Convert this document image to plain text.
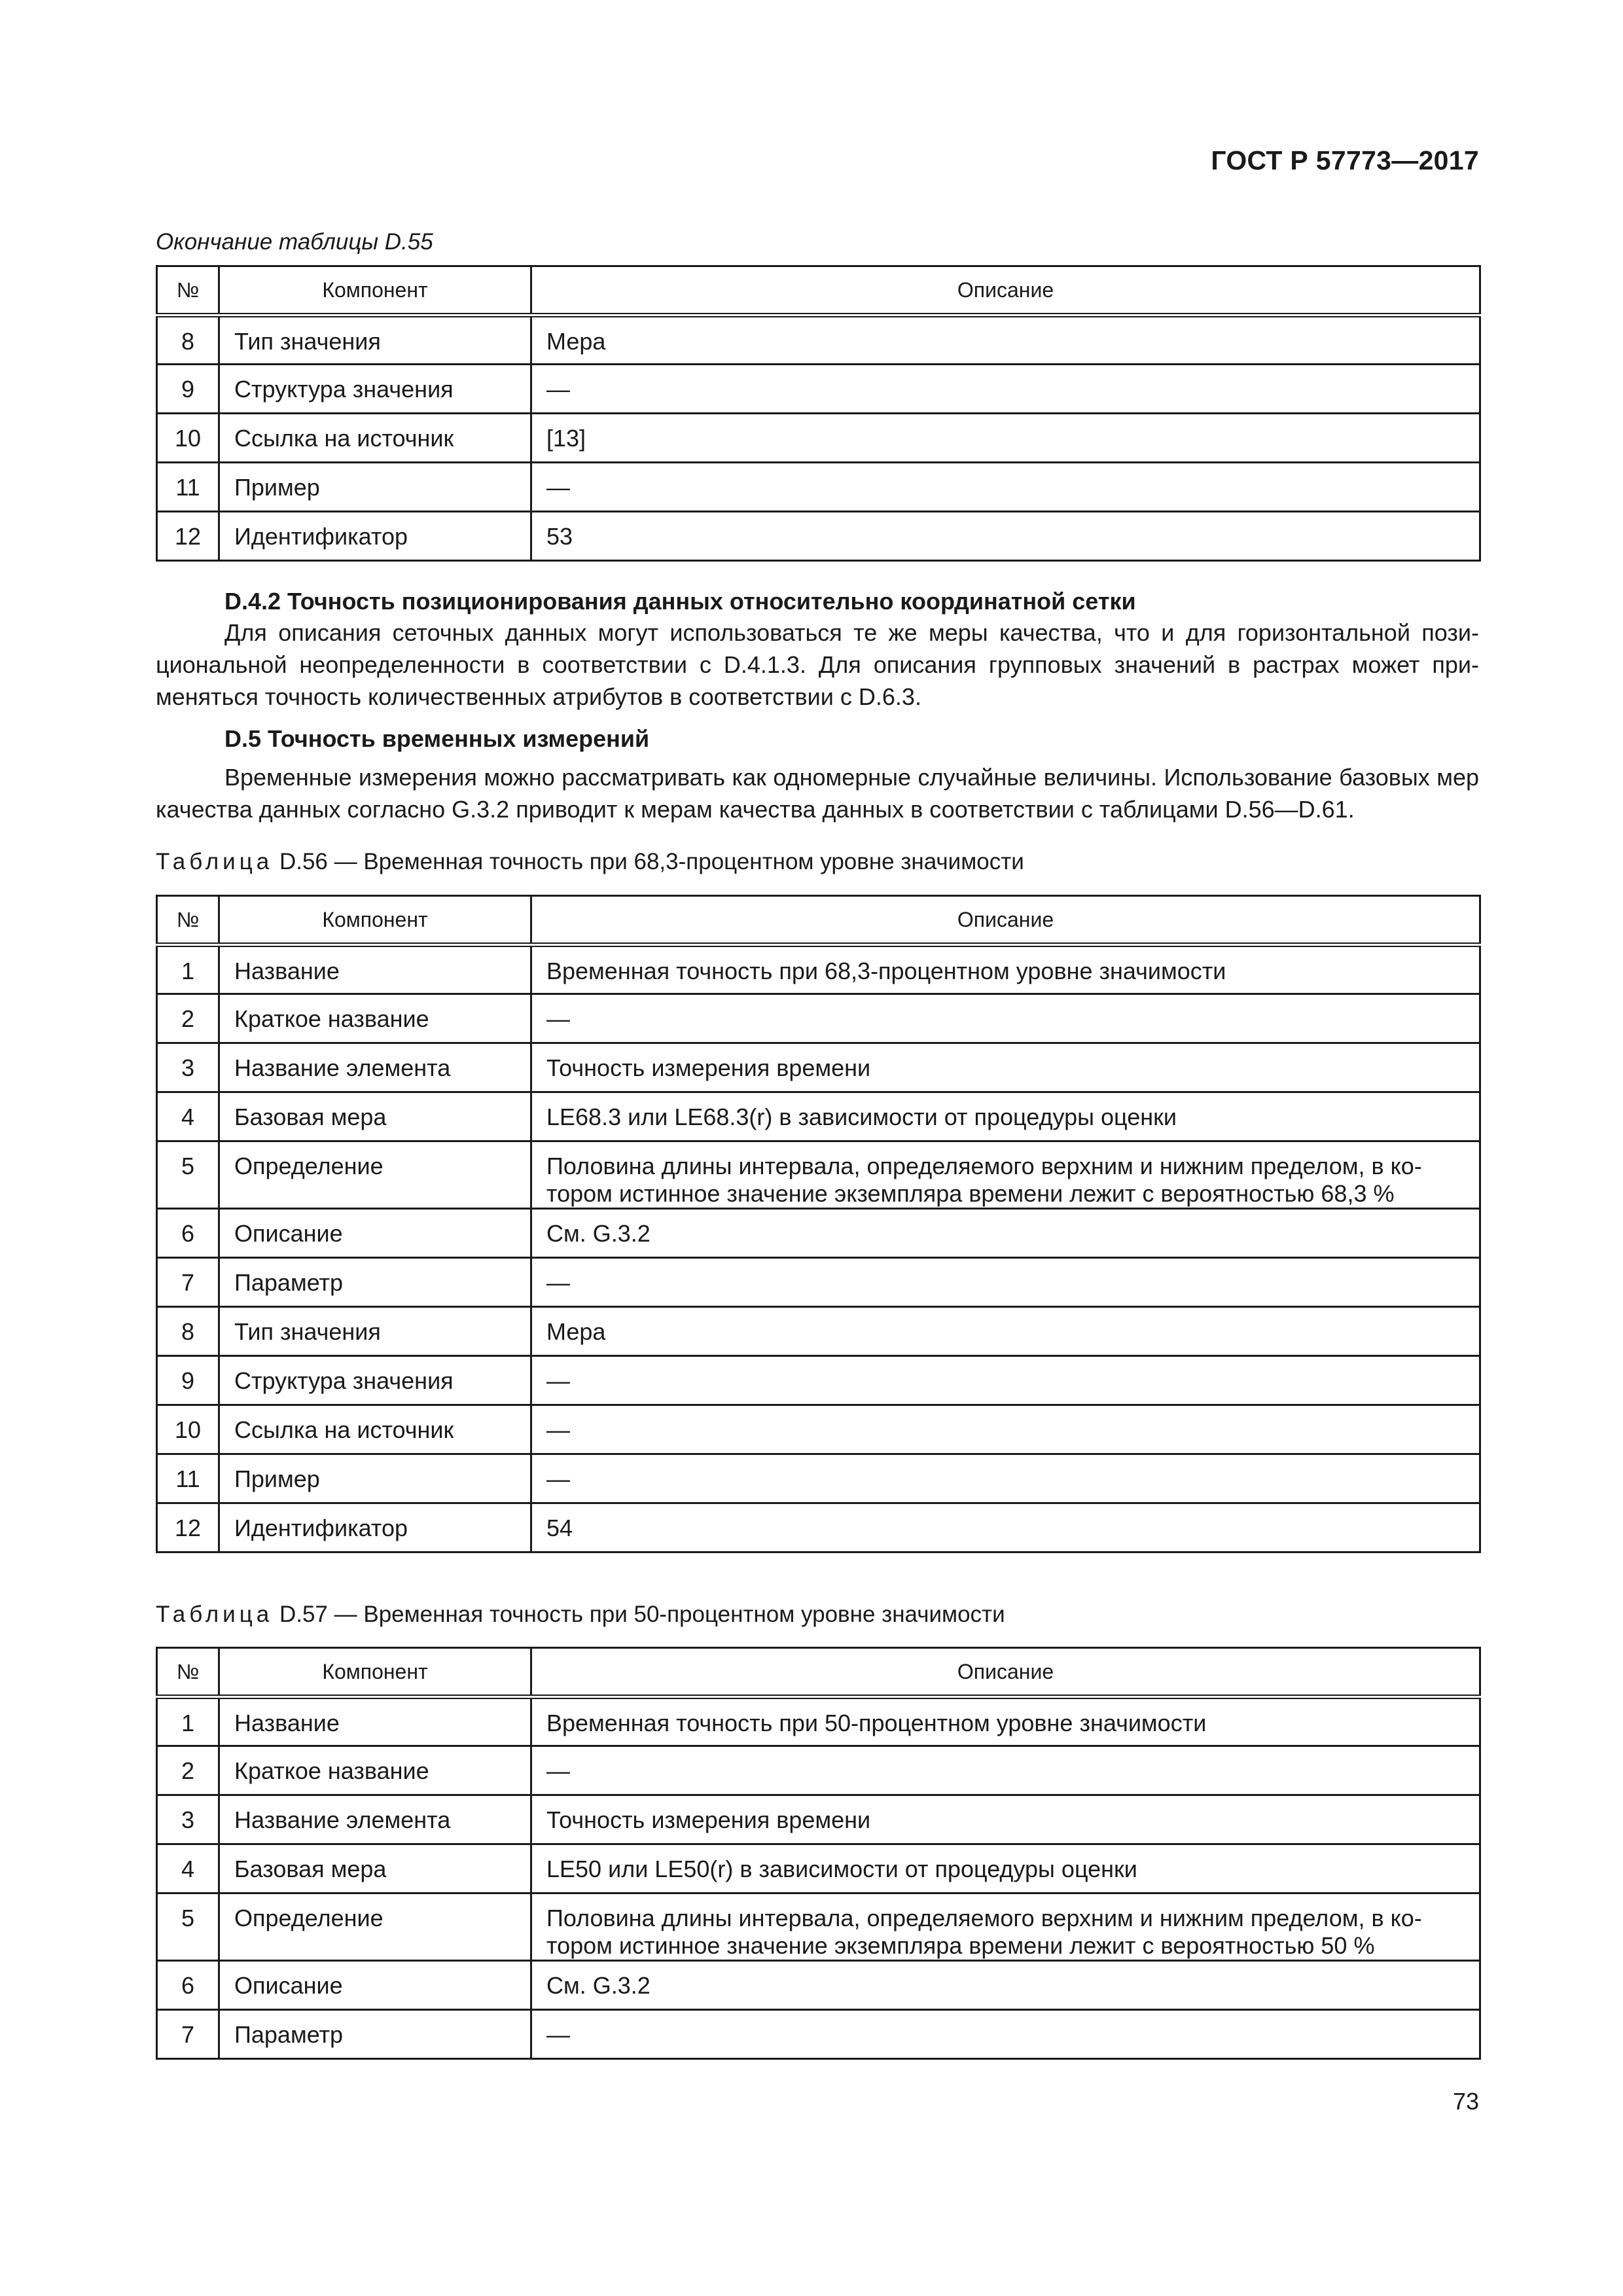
ГОСТ Р 57773—2017
Окончание таблицы D.55
№	Компонент	Описание
8	Тип значения	Мера
9	Структура значения	—
10	Ссылка на источник	[13]
11	Пример	—
12	Идентификатор	53
D.4.2 Точность позиционирования данных относительно координатной сетки
Для описания сеточных данных могут использоваться те же меры качества, что и для горизонтальной пози-циональной неопределенности в соответствии с D.4.1.3. Для описания групповых значений в растрах может при-меняться точность количественных атрибутов в соответствии с D.6.3.
D.5 Точность временных измерений
Временные измерения можно рассматривать как одномерные случайные величины. Использование базовых мер качества данных согласно G.3.2 приводит к мерам качества данных в соответствии с таблицами D.56—D.61.
Таблица D.56 — Временная точность при 68,3-процентном уровне значимости
№	Компонент	Описание
1	Название	Временная точность при 68,3-процентном уровне значимости
2	Краткое название	—
3	Название элемента	Точность измерения времени
4	Базовая мера	LE68.3 или LE68.3(r) в зависимости от процедуры оценки
5	Определение	Половина длины интервала, определяемого верхним и нижним пределом, в ко-тором истинное значение экземпляра времени лежит с вероятностью 68,3 %
6	Описание	См. G.3.2
7	Параметр	—
8	Тип значения	Мера
9	Структура значения	—
10	Ссылка на источник	—
11	Пример	—
12	Идентификатор	54
Таблица D.57 — Временная точность при 50-процентном уровне значимости
№	Компонент	Описание
1	Название	Временная точность при 50-процентном уровне значимости
2	Краткое название	—
3	Название элемента	Точность измерения времени
4	Базовая мера	LE50 или LE50(r) в зависимости от процедуры оценки
5	Определение	Половина длины интервала, определяемого верхним и нижним пределом, в ко-тором истинное значение экземпляра времени лежит с вероятностью 50 %
6	Описание	См. G.3.2
7	Параметр	—
73
